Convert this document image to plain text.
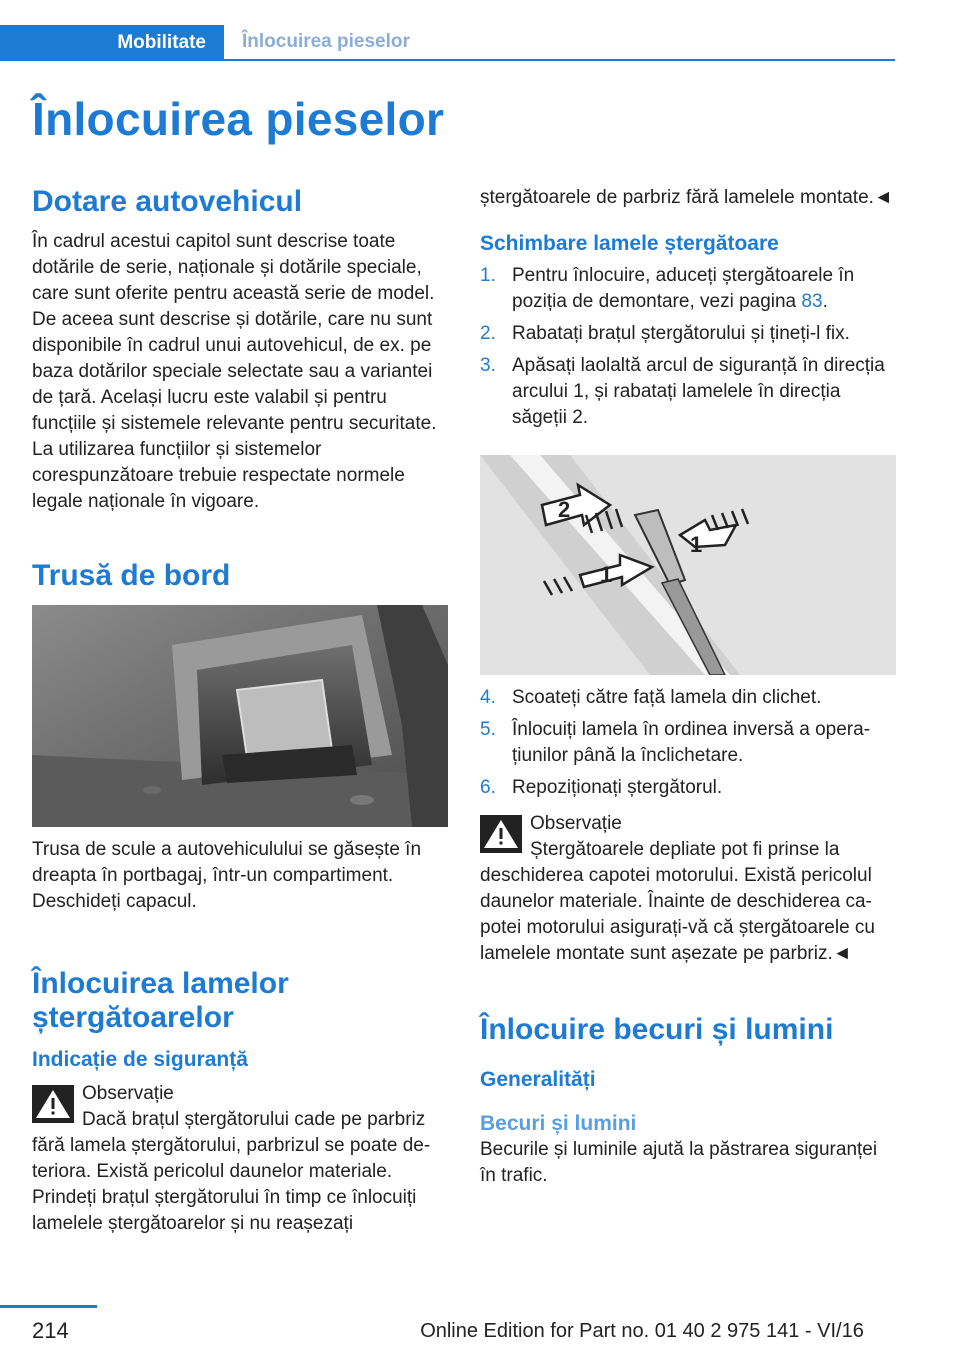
Mobilitate	Înlocuirea pieselor
Înlocuirea pieselor
Dotare autovehicul

În cadrul acestui capitol sunt descrise toate dotările de serie, naționale și dotările speciale, care sunt oferite pentru această serie de model. De aceea sunt descrise și dotările, care nu sunt disponibile în cadrul unui autovehicul, de ex. pe baza dotărilor speciale selectate sau a variantei de țară. Același lucru este valabil și pentru funcțiile și sistemele relevante pentru securitate. La utilizarea funcțiilor și sistemelor corespunzătoare trebuie respectate normele legale naționale în vigoare.

Trusă de bord

Trusa de scule a autovehiculului se găsește în dreapta în portbagaj, într-un compartiment. Deschideți capacul.

Înlocuirea lamelor ștergătoarelor
Indicație de siguranță
Observație

Dacă brațul ștergătorului cade pe parbriz fără lamela ștergătorului, parbrizul se poate deteriora. Există pericolul daunelor materiale. Prindeți brațul ștergătorului în timp ce înlocuiți lamelele ștergătoarelor și nu reașezați

ștergătoarele de parbriz fără lamelele montate.◄

Schimbare lamele ștergătoare
1. Pentru înlocuire, aduceți ștergătoarele în poziția de demontare, vezi pagina 83.
2. Rabatați brațul ștergătorului și țineți-l fix.
3. Apăsați laolaltă arcul de siguranță în direcția arcului 1, și rabatați lamelele în direcția săgeții 2.
2
1
1
4. Scoateți către față lamela din clichet.
5. Înlocuiți lamela în ordinea inversă a operațiunilor până la înclichetare.
6. Repoziționați ștergătorul.
Observație

Ștergătoarele depliate pot fi prinse la deschiderea capotei motorului. Există pericolul daunelor materiale. Înainte de deschiderea capotei motorului asigurați-vă că ștergătoarele cu lamelele montate sunt așezate pe parbriz.◄

Înlocuire becuri și lumini
Generalități
Becuri și lumini

Becurile și luminile ajută la păstrarea siguranței în trafic.

214	Online Edition for Part no. 01 40 2 975 141 - VI/16
